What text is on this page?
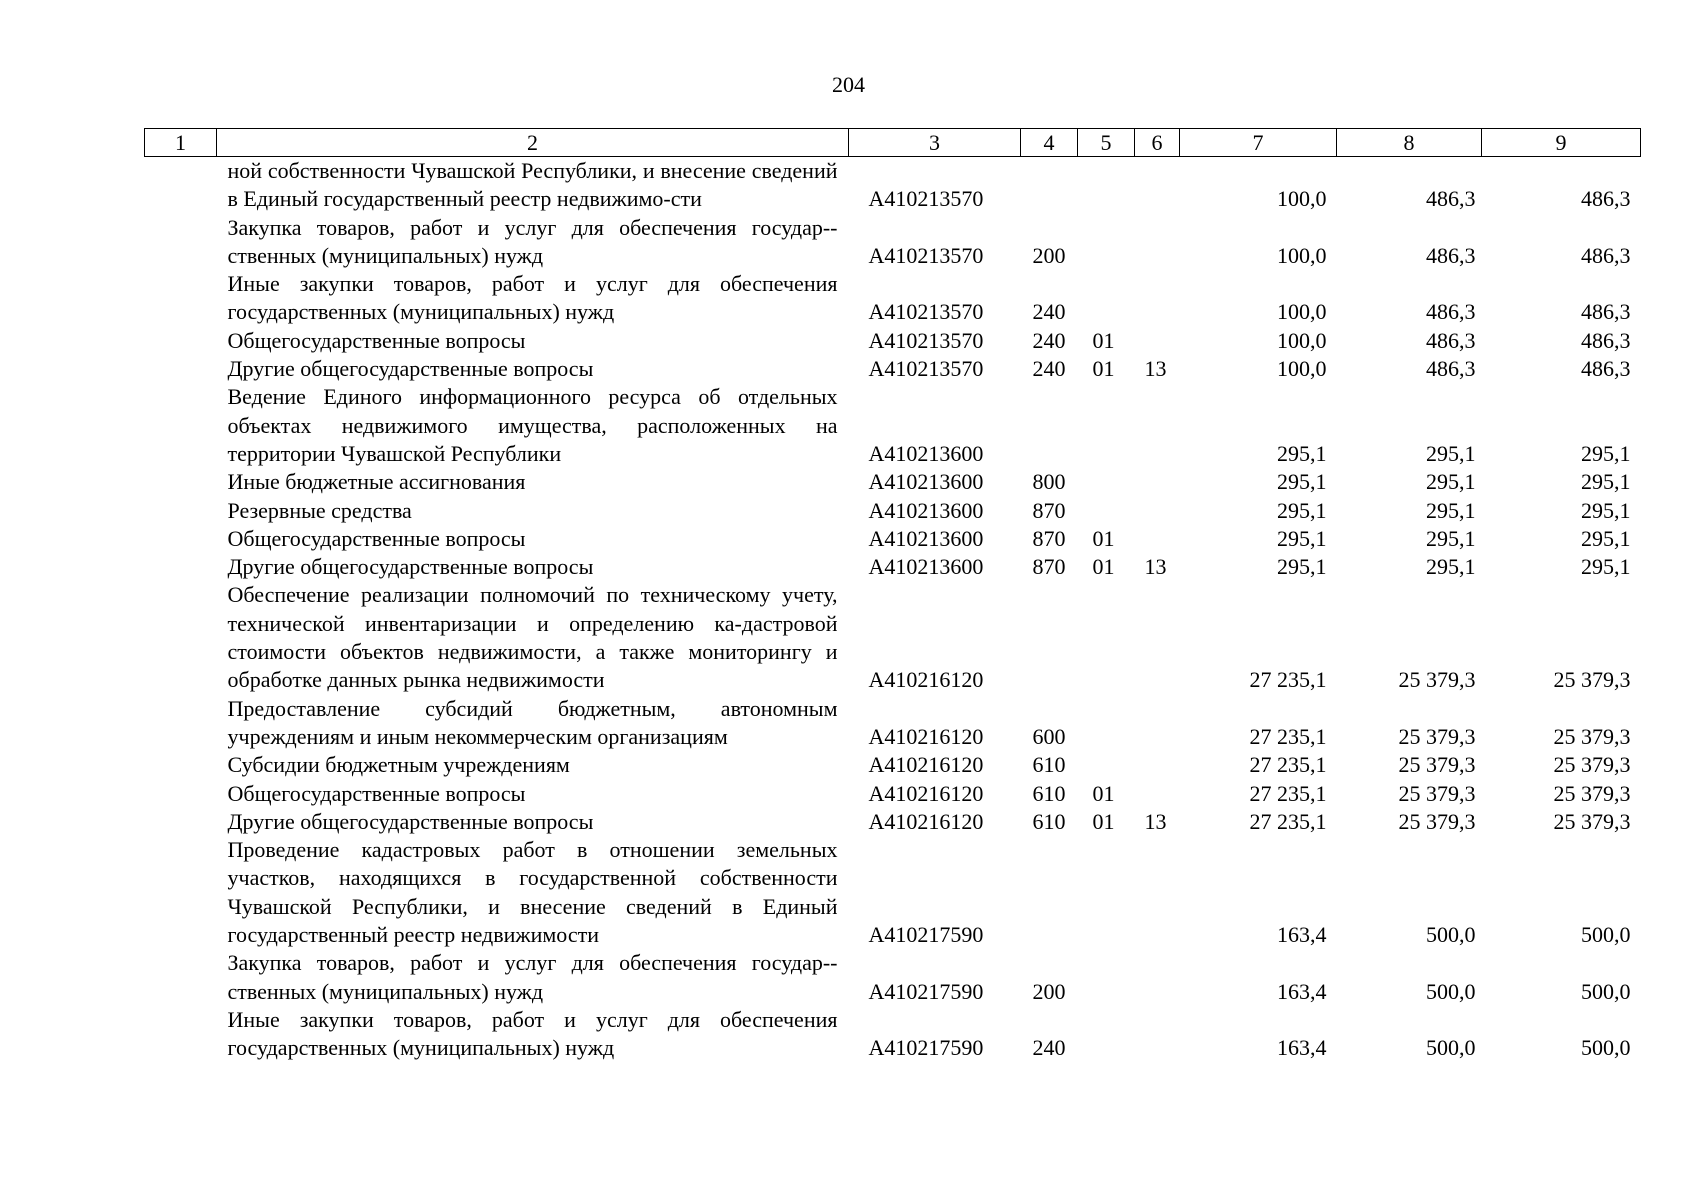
204
1	2	3	4	5	6	7	8	9
	ной собственности Чувашской Республики, и внесение сведений в Единый государственный реестр недвижимо-сти	А410213570				100,0	486,3	486,3
	Закупка товаров, работ и услуг для обеспечения государ-ственных (муниципальных) нужд	А410213570	200			100,0	486,3	486,3
	Иные закупки товаров, работ и услуг для обеспечения государственных (муниципальных) нужд	А410213570	240			100,0	486,3	486,3
	Общегосударственные вопросы	А410213570	240	01		100,0	486,3	486,3
	Другие общегосударственные вопросы	А410213570	240	01	13	100,0	486,3	486,3
	Ведение Единого информационного ресурса об отдельных объектах недвижимого имущества, расположенных на территории Чувашской Республики	А410213600				295,1	295,1	295,1
	Иные бюджетные ассигнования	А410213600	800			295,1	295,1	295,1
	Резервные средства	А410213600	870			295,1	295,1	295,1
	Общегосударственные вопросы	А410213600	870	01		295,1	295,1	295,1
	Другие общегосударственные вопросы	А410213600	870	01	13	295,1	295,1	295,1
	Обеспечение реализации полномочий по техническому учету, технической инвентаризации и определению ка-дастровой стоимости объектов недвижимости, а также мониторингу и обработке данных рынка недвижимости	А410216120				27 235,1	25 379,3	25 379,3
	Предоставление субсидий бюджетным, автономным учреждениям и иным некоммерческим организациям	А410216120	600			27 235,1	25 379,3	25 379,3
	Субсидии бюджетным учреждениям	А410216120	610			27 235,1	25 379,3	25 379,3
	Общегосударственные вопросы	А410216120	610	01		27 235,1	25 379,3	25 379,3
	Другие общегосударственные вопросы	А410216120	610	01	13	27 235,1	25 379,3	25 379,3
	Проведение кадастровых работ в отношении земельных участков, находящихся в государственной собственности Чувашской Республики, и внесение сведений в Единый государственный реестр недвижимости	А410217590				163,4	500,0	500,0
	Закупка товаров, работ и услуг для обеспечения государ-ственных (муниципальных) нужд	А410217590	200			163,4	500,0	500,0
	Иные закупки товаров, работ и услуг для обеспечения государственных (муниципальных) нужд	А410217590	240			163,4	500,0	500,0
